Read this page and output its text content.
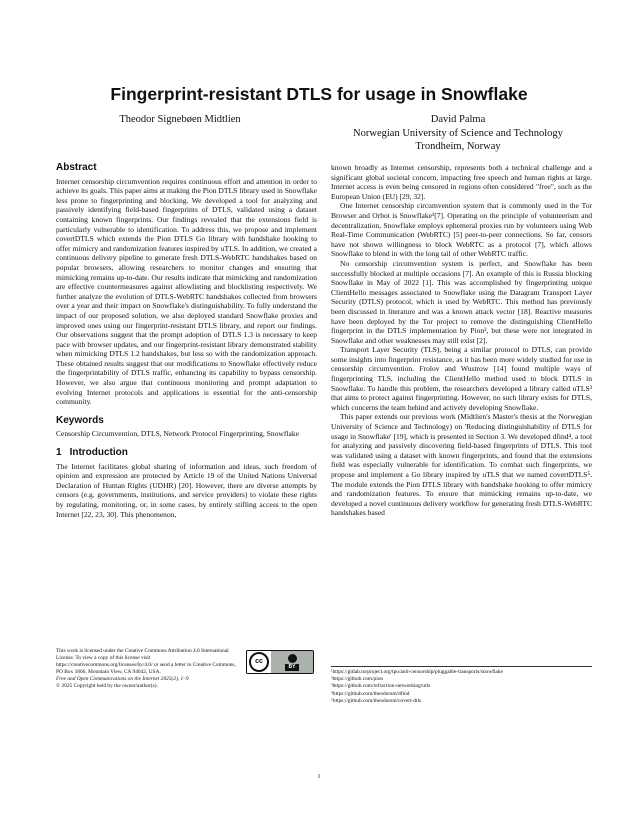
Fingerprint-resistant DTLS for usage in Snowflake
Theodor Signebøen Midtlien	David Palma
Norwegian University of Science and Technology
Trondheim, Norway
Abstract

Internet censorship circumvention requires continuous effort and attention in order to achieve its goals. This paper aims at making the Pion DTLS library used in Snowflake less prone to fingerprinting and blocking. We developed a tool for analyzing and passively identifying field-based fingerprints of DTLS, validated using a dataset containing known fingerprints. Our findings revealed that the extensions field is particularly vulnerable to identification. To address this, we propose and implement covertDTLS which extends the Pion DTLS Go library with handshake hooking to offer mimicry and randomization features inspired by uTLS. In addition, we created a continuous delivery pipeline to generate fresh DTLS-WebRTC handshakes based on popular browsers, allowing researchers to monitor changes and ensuring that mimicking remains up-to-date. Our results indicate that mimicking and randomization are effective countermeasures against allowlisting and blocklisting respectively. We further analyze the evolution of DTLS-WebRTC handshakes collected from browsers over a year and their impact on Snowflake's distinguishability. To fully understand the impact of our proposed solution, we also deployed standard Snowflake proxies and improved ones using our fingerprint-resistant DTLS library, and report our findings. Our observations suggest that the prompt adoption of DTLS 1.3 is necessary to keep pace with browser updates, and our fingerprint-resistant library demonstrated stability when mimicking DTLS 1.2 handshakes, but less so with the randomization approach. These obtained results suggest that our modifications to Snowflake effectively reduce the fingerprintability of DTLS traffic, enhancing its capability to bypass censorship. However, we also argue that continuous monitoring and prompt adaptation to evolving Internet protocols and applications is essential for the anti-censorship community.

Keywords

Censorship Circumvention, DTLS, Network Protocol Fingerprinting, Snowflake

1 Introduction

The Internet facilitates global sharing of information and ideas, such freedom of opinion and expression are protected by Article 19 of the United Nations Universal Declaration of Human Rights (UDHR) [20]. However, there are diverse attempts by censors (e.g. governments, institutions, and service providers) to violate these rights by regulating, monitoring, or, in some cases, by entirely stifling access to the open Internet [22, 23, 30]. This phenomenon,

This work is licensed under the Creative Commons Attribution 4.0 International License. To view a copy of this license visit https://creativecommons.org/licenses/by/4.0/ or send a letter to Creative Commons, PO Box 1866, Mountain View, CA 94042, USA.
Free and Open Communications on the Internet 2025(2), 1–9
© 2025 Copyright held by the owner/author(s).
cc
BY

known broadly as Internet censorship, represents both a technical challenge and a significant global societal concern, impacting free speech and human rights at large. Internet access is even being censored in regions often considered "free", such as the European Union (EU) [29, 32].

One Internet censorship circumvention system that is commonly used in the Tor Browser and Orbot is Snowflake¹[7]. Operating on the principle of volunteerism and decentralization, Snowflake employs ephemeral proxies run by volunteers using Web Real-Time Communication (WebRTC) [5] peer-to-peer connections. So far, censors have not shown willingness to block WebRTC as a protocol [7], which allows Snowflake to blend in with the long tail of other WebRTC traffic.

No censorship circumvention system is perfect, and Snowflake has been successfully blocked at multiple occasions [7]. An example of this is Russia blocking Snowflake in May of 2022 [1]. This was accomplished by fingerprinting unique ClientHello messages associated to Snowflake using the Datagram Transport Layer Security (DTLS) protocol, which is used by WebRTC. This method has previously been discussed in literature and was a known attack vector [18]. Reactive measures have been deployed by the Tor project to remove the distinguishing ClientHello fingerprint in the DTLS implementation by Pion², but these were not integrated in Snowflake and other weaknesses may still exist [2].

Transport Layer Security (TLS), being a similar protocol to DTLS, can provide some insights into fingerprint resistance, as it has been more widely studied for use in censorship circumvention. Frolov and Wustrow [14] found multiple ways of fingerprinting TLS, including the ClientHello method used to block DTLS in Snowflake. To handle this problem, the researchers developed a library called uTLS³ that aims to protect against fingerprinting. However, no such library exists for DTLS, which concerns the team behind and actively developing Snowflake.

This paper extends our previous work (Midtlien's Master's thesis at the Norwegian University of Science and Technology) on 'Reducing distinguishability of DTLS for usage in Snowflake' [19], which is presented in Section 3. We developed dfind⁴, a tool for analyzing and passively discovering field-based fingerprints of DTLS. This tool was validated using a dataset with known fingerprints, and found that the extensions field was especially vulnerable for identification. To combat such fingerprints, we propose and implement a Go library inspired by uTLS that we named covertDTLS⁵. The module extends the Pion DTLS library with handshake hooking to offer mimicry and randomization features. To ensure that mimicking remains up-to-date, we developed a novel continuous delivery workflow for generating fresh DTLS-WebRTC handshakes based

¹https://gitlab.torproject.org/tpo/anti-censorship/pluggable-transports/snowflake
²https://github.com/pion
³https://github.com/refraction-networking/utls
⁴https://github.com/theodorsm/dfind
⁵https://github.com/theodorsm/covert-dtls
1
